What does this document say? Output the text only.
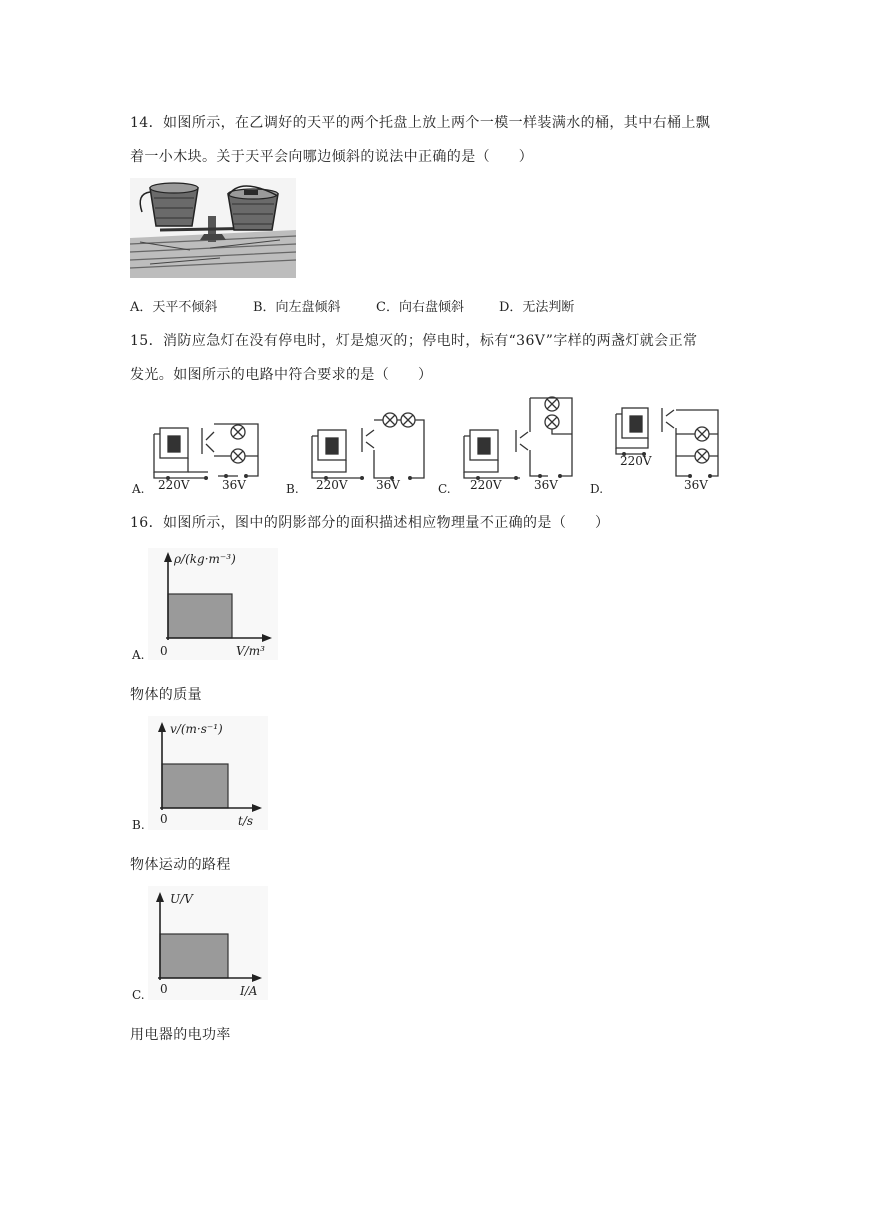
14．如图所示，在乙调好的天平的两个托盘上放上两个一模一样装满水的桶，其中右桶上飘
着一小木块。关于天平会向哪边倾斜的说法中正确的是（　　）
A．天平不倾斜	B．向左盘倾斜	C．向右盘倾斜	D．无法判断
15．消防应急灯在没有停电时，灯是熄灭的；停电时，标有“36V”字样的两盏灯就会正常
发光。如图所示的电路中符合要求的是（　　）
A. 220V	36V	B. 220V 36V	C. 220V	36V	D.
220V
36V
16．如图所示，图中的阴影部分的面积描述相应物理量不正确的是（　　）
ρ/(kg·m⁻³)
V/m³
0
A.
物体的质量
v/(m·s⁻¹)
t/s
0
B.
物体运动的路程
U/V
I/A
0
C.
用电器的电功率
